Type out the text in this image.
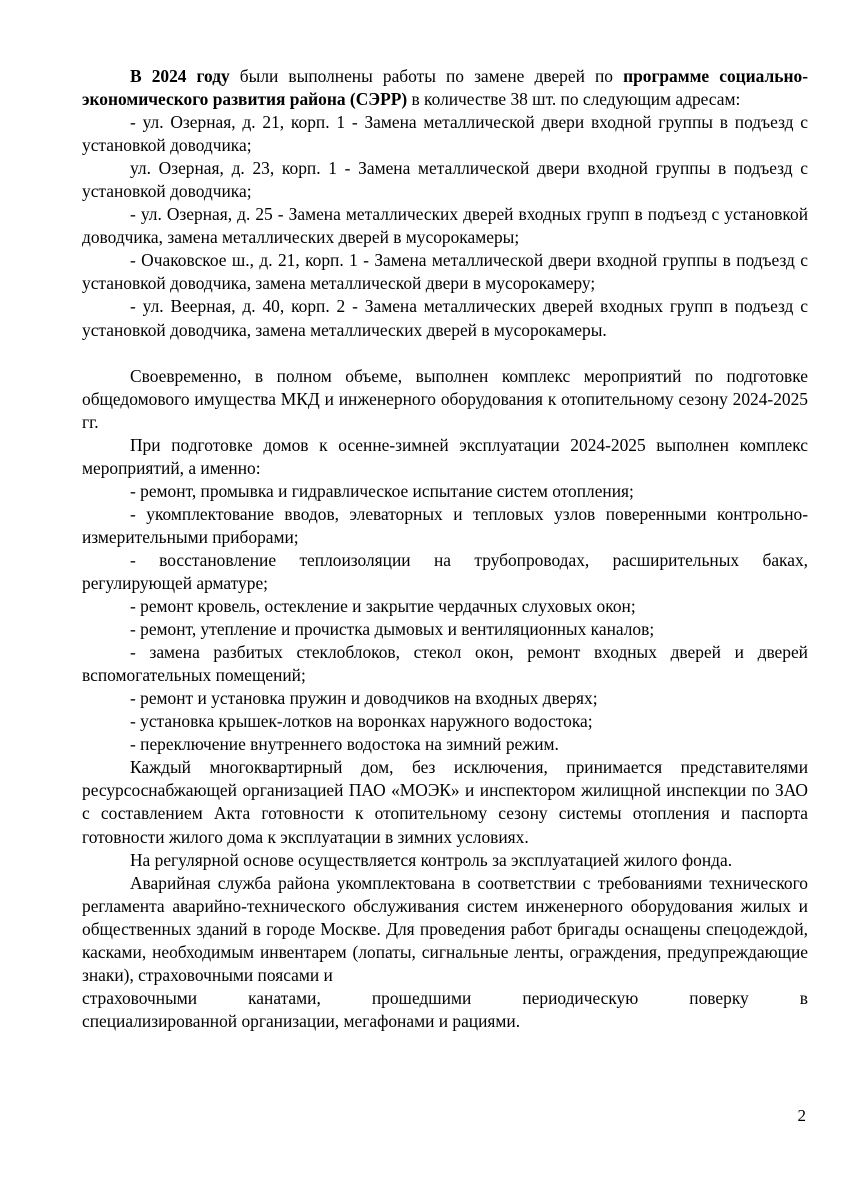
В 2024 году были выполнены работы по замене дверей по программе социально-экономического развития района (СЭРР) в количестве 38 шт. по следующим адресам:

- ул. Озерная, д. 21, корп. 1 - Замена металлической двери входной группы в подъезд с установкой доводчика;

ул. Озерная, д. 23, корп. 1 - Замена металлической двери входной группы в подъезд с установкой доводчика;

- ул. Озерная, д. 25 - Замена металлических дверей входных групп в подъезд с установкой доводчика, замена металлических дверей в мусорокамеры;

- Очаковское ш., д. 21, корп. 1 - Замена металлической двери входной группы в подъезд с установкой доводчика, замена металлической двери в мусорокамеру;

- ул. Веерная, д. 40, корп. 2 - Замена металлических дверей входных групп в подъезд с установкой доводчика, замена металлических дверей в мусорокамеры.

Своевременно, в полном объеме, выполнен комплекс мероприятий по подготовке общедомового имущества МКД и инженерного оборудования к отопительному сезону 2024-2025 гг.

При подготовке домов к осенне-зимней эксплуатации 2024-2025 выполнен комплекс мероприятий, а именно:

- ремонт, промывка и гидравлическое испытание систем отопления;

- укомплектование вводов, элеваторных и тепловых узлов поверенными контрольно-измерительными приборами;

- восстановление теплоизоляции на трубопроводах, расширительных баках, регулирующей арматуре;

- ремонт кровель, остекление и закрытие чердачных слуховых окон;

- ремонт, утепление и прочистка дымовых и вентиляционных каналов;

- замена разбитых стеклоблоков, стекол окон, ремонт входных дверей и дверей вспомогательных помещений;

- ремонт и установка пружин и доводчиков на входных дверях;

- установка крышек-лотков на воронках наружного водостока;

- переключение внутреннего водостока на зимний режим.

Каждый многоквартирный дом, без исключения, принимается представителями ресурсоснабжающей организацией ПАО «МОЭК» и инспектором жилищной инспекции по ЗАО с составлением Акта готовности к отопительному сезону системы отопления и паспорта готовности жилого дома к эксплуатации в зимних условиях.

На регулярной основе осуществляется контроль за эксплуатацией жилого фонда.

Аварийная служба района укомплектована в соответствии с требованиями технического регламента аварийно-технического обслуживания систем инженерного оборудования жилых и общественных зданий в городе Москве. Для проведения работ бригады оснащены спецодеждой, касками, необходимым инвентарем (лопаты, сигнальные ленты, ограждения, предупреждающие знаки), страховочными поясами и

страховочными канатами, прошедшими периодическую поверку в
специализированной организации, мегафонами и рациями.
2
